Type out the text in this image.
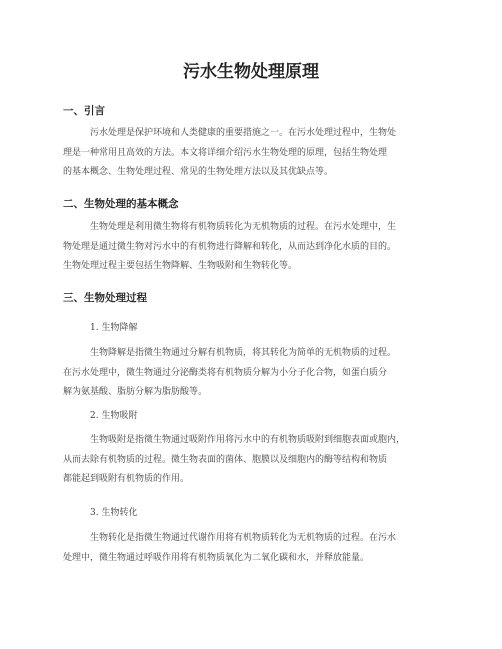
污水生物处理原理
一、引言

污水处理是保护环境和人类健康的重要措施之一。在污水处理过程中，生物处
理是一种常用且高效的方法。本文将详细介绍污水生物处理的原理，包括生物处理
的基本概念、生物处理过程、常见的生物处理方法以及其优缺点等。

二、生物处理的基本概念

生物处理是利用微生物将有机物质转化为无机物质的过程。在污水处理中，生
物处理是通过微生物对污水中的有机物进行降解和转化，从而达到净化水质的目的。
生物处理过程主要包括生物降解、生物吸附和生物转化等。

三、生物处理过程

1. 生物降解

生物降解是指微生物通过分解有机物质，将其转化为简单的无机物质的过程。
在污水处理中，微生物通过分泌酶类将有机物质分解为小分子化合物，如蛋白质分
解为氨基酸、脂肪分解为脂肪酸等。

2. 生物吸附

生物吸附是指微生物通过吸附作用将污水中的有机物质吸附到细胞表面或胞内，
从而去除有机物质的过程。微生物表面的菌体、胞膜以及细胞内的酶等结构和物质
都能起到吸附有机物质的作用。

3. 生物转化

生物转化是指微生物通过代谢作用将有机物质转化为无机物质的过程。在污水
处理中，微生物通过呼吸作用将有机物质氧化为二氧化碳和水，并释放能量。
